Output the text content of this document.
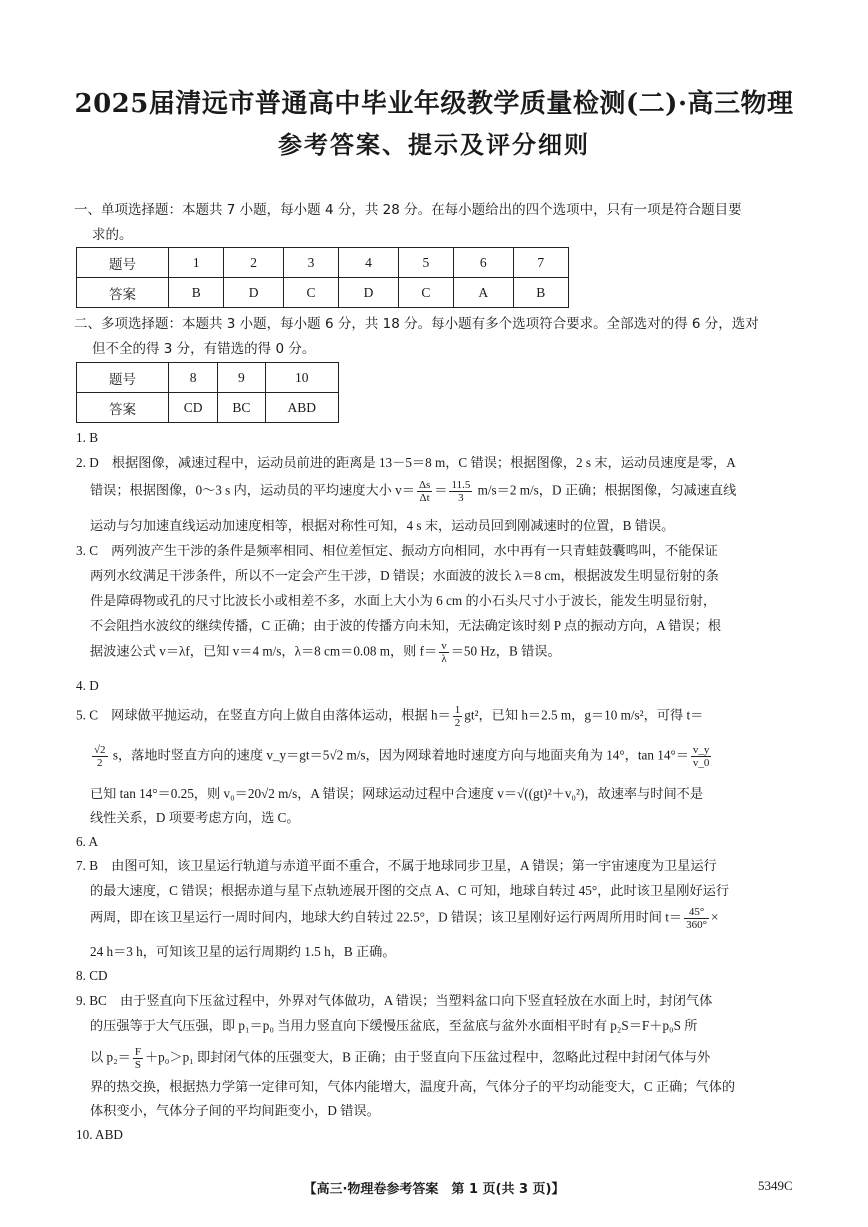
2025届清远市普通高中毕业年级教学质量检测(二)·高三物理
参考答案、提示及评分细则
一、单项选择题：本题共 7 小题，每小题 4 分，共 28 分。在每小题给出的四个选项中，只有一项是符合题目要
求的。
题号	1	2	3	4	5	6	7
答案	B	D	C	D	C	A	B
二、多项选择题：本题共 3 小题，每小题 6 分，共 18 分。每小题有多个选项符合要求。全部选对的得 6 分，选对
但不全的得 3 分，有错选的得 0 分。
题号	8	9	10
答案	CD	BC	ABD
1. B
2. D　根据图像，减速过程中，运动员前进的距离是 13－5＝8 m，C 错误；根据图像，2 s 末，运动员速度是零，A
错误；根据图像，0～3 s 内，运动员的平均速度大小 $v= \frac{\Delta s}{\Delta t} = \frac{11.5}{3} m/s=2$ m/s，D 正确；根据图像，匀减速直线
运动与匀加速直线运动加速度相等，根据对称性可知，4 s 末，运动员回到刚减速时的位置，B 错误。
3. C　两列波产生干涉的条件是频率相同、相位差恒定、振动方向相同，水中再有一只青蛙鼓囊鸣叫，不能保证
两列水纹满足干涉条件，所以不一定会产生干涉，D 错误；水面波的波长 λ＝8 cm，根据波发生明显衍射的条
件是障碍物或孔的尺寸比波长小或相差不多，水面上大小为 6 cm 的小石头尺寸小于波长，能发生明显衍射，
不会阻挡水波纹的继续传播，C 正确；由于波的传播方向未知，无法确定该时刻 P 点的振动方向，A 错误；根
据波速公式 v＝λf，已知 v＝4 m/s，λ＝8 cm＝0.08 m，则 $f= \frac{v}{\lambda} =50$ Hz，B 错误。
4. D
5. C　网球做平抛运动，在竖直方向上做自由落体运动，根据 $h= \frac{1}{2} gt^2$，已知 h＝2.5 m，g＝10 m/s²，可得 t＝
$\frac{√2}{2}$ s，落地时竖直方向的速度 v_y＝gt＝5√2 m/s，因为网球着地时速度方向与地面夹角为 14°，$\tan 14^\circ= \frac{v\_y}{v\_0}$
已知 tan 14°＝0.25，则 v₀＝20√2 m/s，A 错误；网球运动过程中合速度 v＝√((gt)²＋v₀²)，故速率与时间不是
线性关系，D 项要考虑方向，选 C。
6. A
7. B　由图可知，该卫星运行轨道与赤道平面不重合，不属于地球同步卫星，A 错误；第一宇宙速度为卫星运行
的最大速度，C 错误；根据赤道与星下点轨迹展开图的交点 A、C 可知，地球自转过 45°，此时该卫星刚好运行
两周，即在该卫星运行一周时间内，地球大约自转过 22.5°，D 错误；该卫星刚好运行两周所用时间 $t= \frac{45^\circ}{360^\circ}$ ×
24 h＝3 h，可知该卫星的运行周期约 1.5 h，B 正确。
8. CD
9. BC　由于竖直向下压盆过程中，外界对气体做功，A 错误；当塑料盆口向下竖直轻放在水面上时，封闭气体
的压强等于大气压强，即 p₁＝p₀ 当用力竖直向下缓慢压盆底，至盆底与盆外水面相平时有 p₂S＝F＋p₀S 所
以 $p_2= \frac{F}{S} +p_0>p_1$ 即封闭气体的压强变大，B 正确；由于竖直向下压盆过程中，忽略此过程中封闭气体与外
界的热交换，根据热力学第一定律可知，气体内能增大，温度升高，气体分子的平均动能变大，C 正确；气体的
体积变小，气体分子间的平均间距变小，D 错误。
10. ABD
【高三·物理卷参考答案　第 1 页(共 3 页)】	5349C
